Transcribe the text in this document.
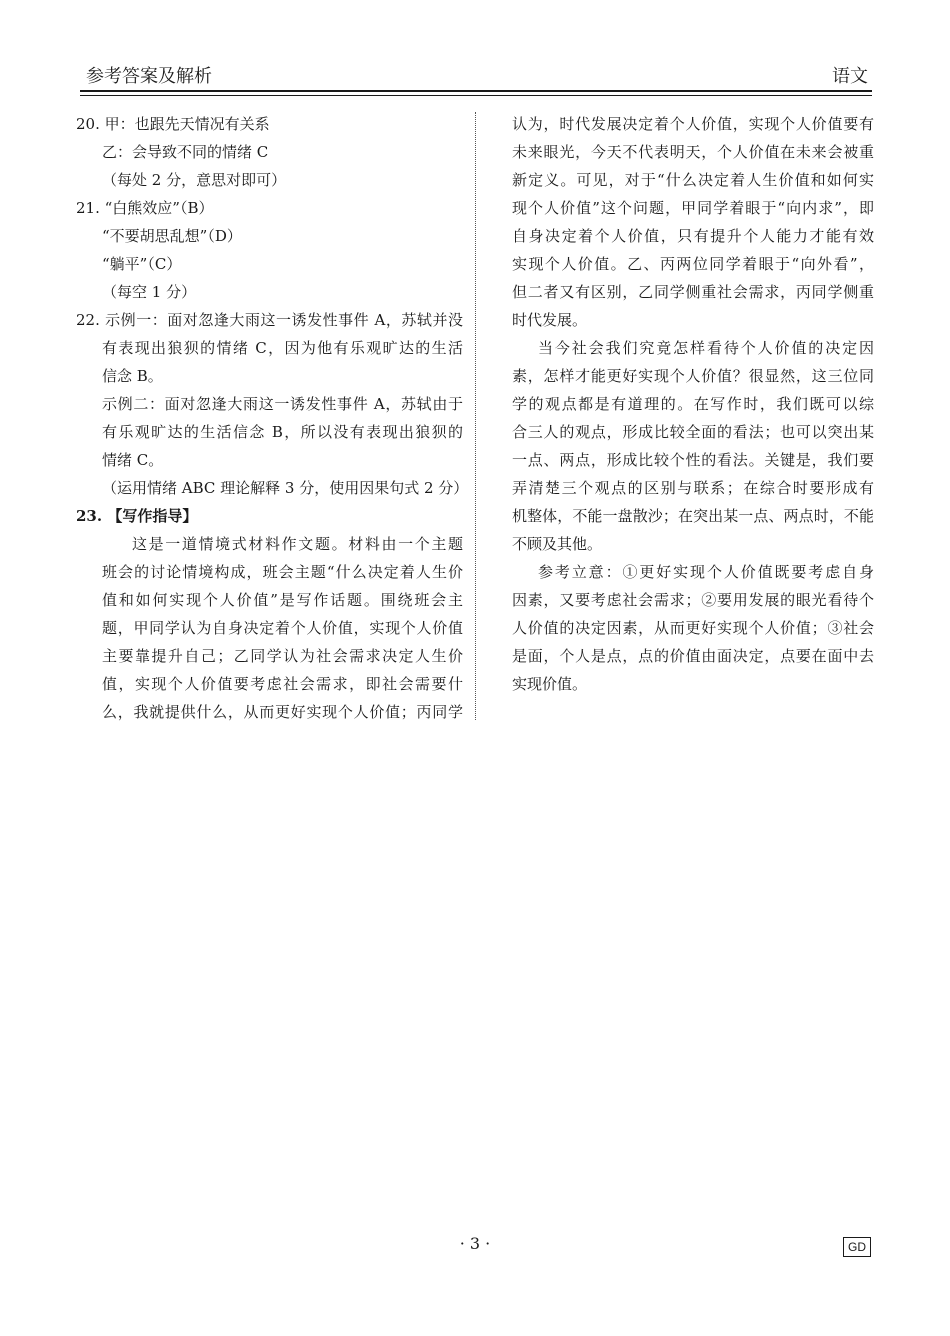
参考答案及解析	语文
20. 甲：也跟先天情况有关系
乙：会导致不同的情绪 C
（每处 2 分，意思对即可）
21. “白熊效应”（B）
“不要胡思乱想”（D）
“躺平”（C）
（每空 1 分）
22. 示例一：面对忽逢大雨这一诱发性事件 A，苏轼并没
有表现出狼狈的情绪 C，因为他有乐观旷达的生活
信念 B。
示例二：面对忽逢大雨这一诱发性事件 A，苏轼由于
有乐观旷达的生活信念 B，所以没有表现出狼狈的
情绪 C。
（运用情绪 ABC 理论解释 3 分，使用因果句式 2 分）
23. 【写作指导】
这是一道情境式材料作文题。材料由一个主题
班会的讨论情境构成，班会主题“什么决定着人生价
值和如何实现个人价值”是写作话题。围绕班会主
题，甲同学认为自身决定着个人价值，实现个人价值
主要靠提升自己；乙同学认为社会需求决定人生价
值，实现个人价值要考虑社会需求，即社会需要什
么，我就提供什么，从而更好实现个人价值；丙同学
认为，时代发展决定着个人价值，实现个人价值要有
未来眼光，今天不代表明天，个人价值在未来会被重
新定义。可见，对于“什么决定着人生价值和如何实
现个人价值”这个问题，甲同学着眼于“向内求”，即
自身决定着个人价值，只有提升个人能力才能有效
实现个人价值。乙、丙两位同学着眼于“向外看”，
但二者又有区别，乙同学侧重社会需求，丙同学侧重
时代发展。
当今社会我们究竟怎样看待个人价值的决定因
素，怎样才能更好实现个人价值？很显然，这三位同
学的观点都是有道理的。在写作时，我们既可以综
合三人的观点，形成比较全面的看法；也可以突出某
一点、两点，形成比较个性的看法。关键是，我们要
弄清楚三个观点的区别与联系；在综合时要形成有
机整体，不能一盘散沙；在突出某一点、两点时，不能
不顾及其他。
参考立意：①更好实现个人价值既要考虑自身
因素，又要考虑社会需求；②要用发展的眼光看待个
人价值的决定因素，从而更好实现个人价值；③社会
是面，个人是点，点的价值由面决定，点要在面中去
实现价值。
· 3 ·	GD
